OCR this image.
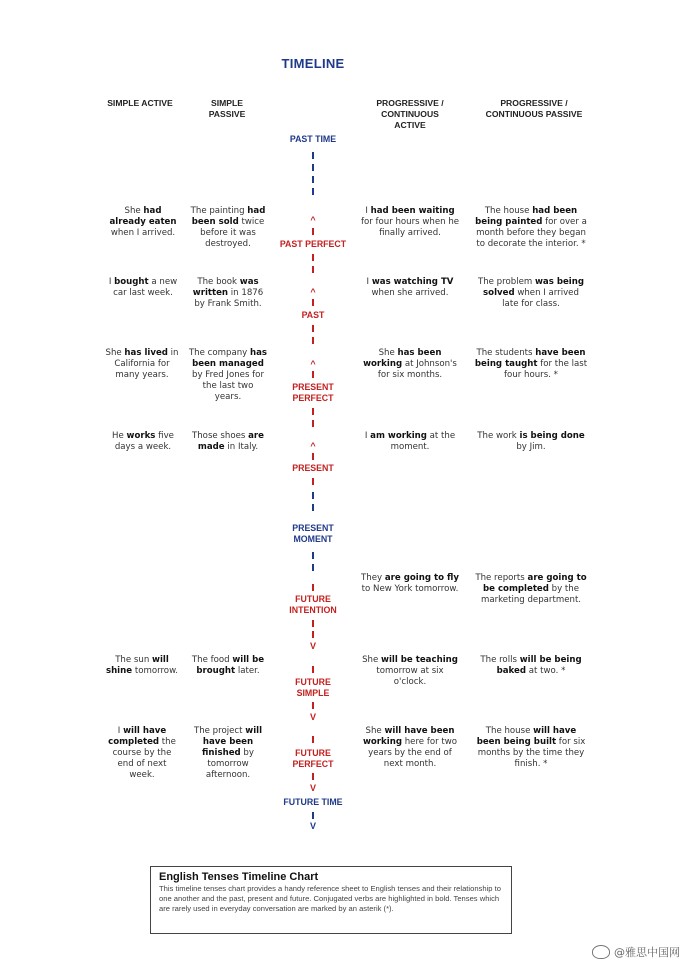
TIMELINE
SIMPLE ACTIVE	SIMPLE
PASSIVE
PROGRESSIVE /
CONTINUOUS
ACTIVE
PROGRESSIVE /
CONTINUOUS PASSIVE
PAST TIME
^
PAST PERFECT
^
PAST
^
PRESENT
PERFECT
^
PRESENT
PRESENT
MOMENT
FUTURE
INTENTION
V
FUTURE
SIMPLE
V
FUTURE
PERFECT
V
FUTURE TIME
V
She had
already eaten
when I arrived.
The painting had
been sold twice
before it was
destroyed.
I had been waiting
for four hours when he
finally arrived.
The house had been
being painted for over a
month before they began
to decorate the interior. *
I bought a new
car last week.
The book was
written in 1876
by Frank Smith.
I was watching TV
when she arrived.
The problem was being
solved when I arrived
late for class.
She has lived in
California for
many years.
The company has
been managed
by Fred Jones for
the last two
years.
She has been
working at Johnson's
for six months.
The students have been
being taught for the last
four hours. *
He works five
days a week.
Those shoes are
made in Italy.
I am working at the
moment.
The work is being done
by Jim.
They are going to fly
to New York tomorrow.
The reports are going to
be completed by the
marketing department.
The sun will
shine tomorrow.
The food will be
brought later.
She will be teaching
tomorrow at six
o'clock.
The rolls will be being
baked at two. *
I will have
completed the
course by the
end of next
week.
The project will
have been
finished by
tomorrow
afternoon.
She will have been
working here for two
years by the end of
next month.
The house will have
been being built for six
months by the time they
finish. *
English Tenses Timeline Chart
This timeline tenses chart provides a handy reference sheet to English tenses and their relationship to one another and the past, present and future. Conjugated verbs are highlighted in bold. Tenses which are rarely used in everyday conversation are marked by an asterik (*).
@雅思中国网
